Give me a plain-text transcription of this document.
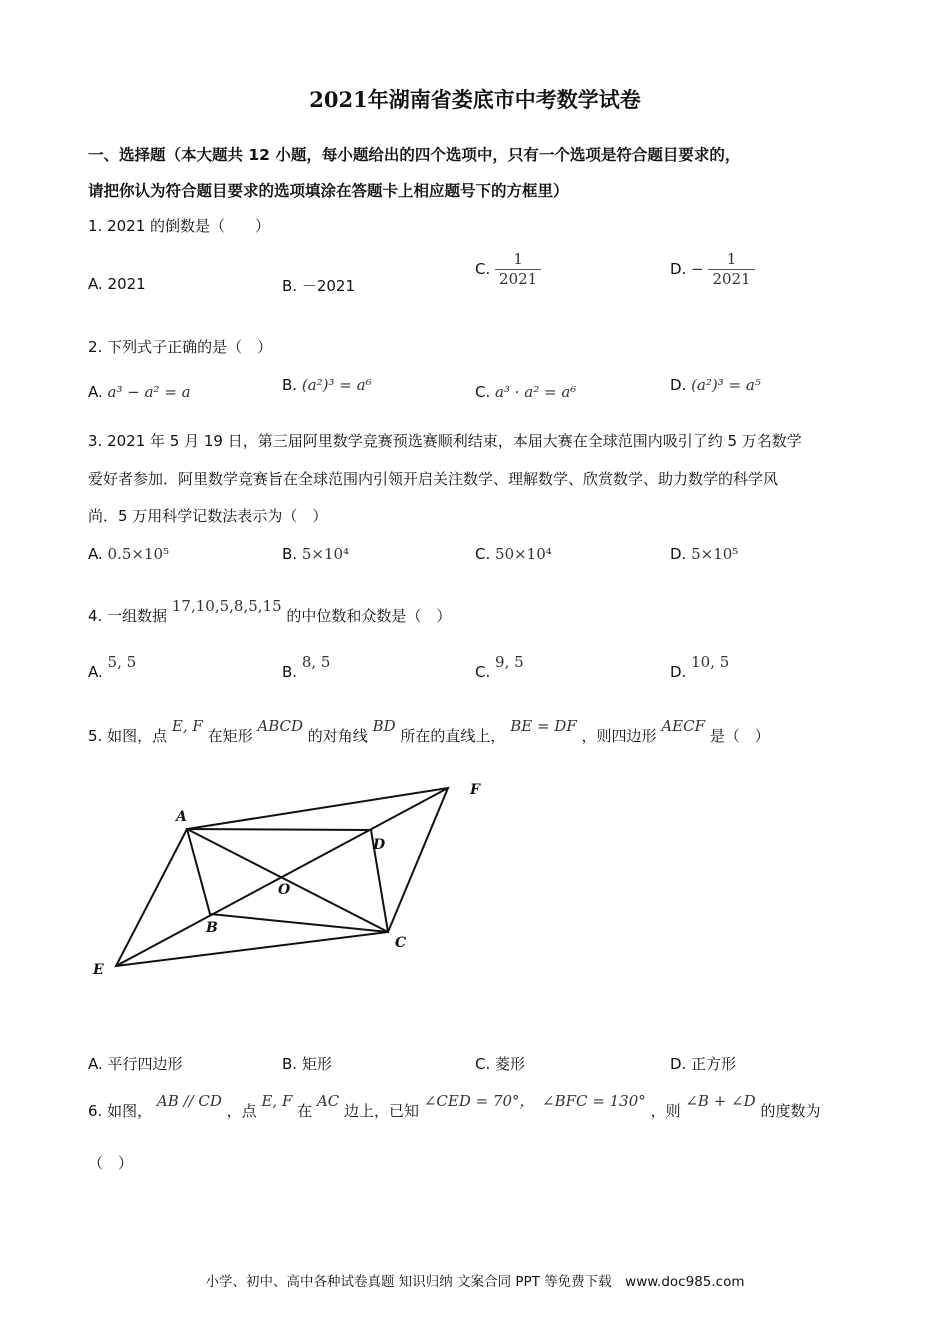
2021年湖南省娄底市中考数学试卷
一、选择题（本大题共 12 小题，每小题给出的四个选项中，只有一个选项是符合题目要求的，
请把你认为符合题目要求的选项填涂在答题卡上相应题号下的方框里）
1. 2021 的倒数是（　　）
A. 2021	B. －2021
C. $\frac{1}{2021}$	D. − $\frac{1}{2021}$
2. 下列式子正确的是（　）
A. a³ − a² = a	B. (a²)³ = a⁶	C. a³ · a² = a⁶	D. (a²)³ = a⁵
3. 2021 年 5 月 19 日，第三届阿里数学竞赛预选赛顺利结束，本届大赛在全球范围内吸引了约 5 万名数学
爱好者参加．阿里数学竞赛旨在全球范围内引领开启关注数学、理解数学、欣赏数学、助力数学的科学风
尚．5 万用科学记数法表示为（　）
A. 0.5×10⁵	B. 5×10⁴	C. 50×10⁴	D. 5×10⁵
4. 一组数据 17,10,5,8,5,15 的中位数和众数是（　）
A. 5, 5
B. 8, 5
C. 9, 5
D. 10, 5
5. 如图，点 E, F 在矩形 ABCD 的对角线 BD 所在的直线上， BE = DF ，则四边形 AECF 是（　）
A
B
C
D
E
F
O
A. 平行四边形	B. 矩形	C. 菱形	D. 正方形
6. 如图， AB // CD ，点 E, F 在 AC 边上，已知 ∠CED = 70°，　∠BFC = 130° ，则 ∠B + ∠D 的度数为
（　）
小学、初中、高中各种试卷真题 知识归纳 文案合同 PPT 等免费下载　www.doc985.com
